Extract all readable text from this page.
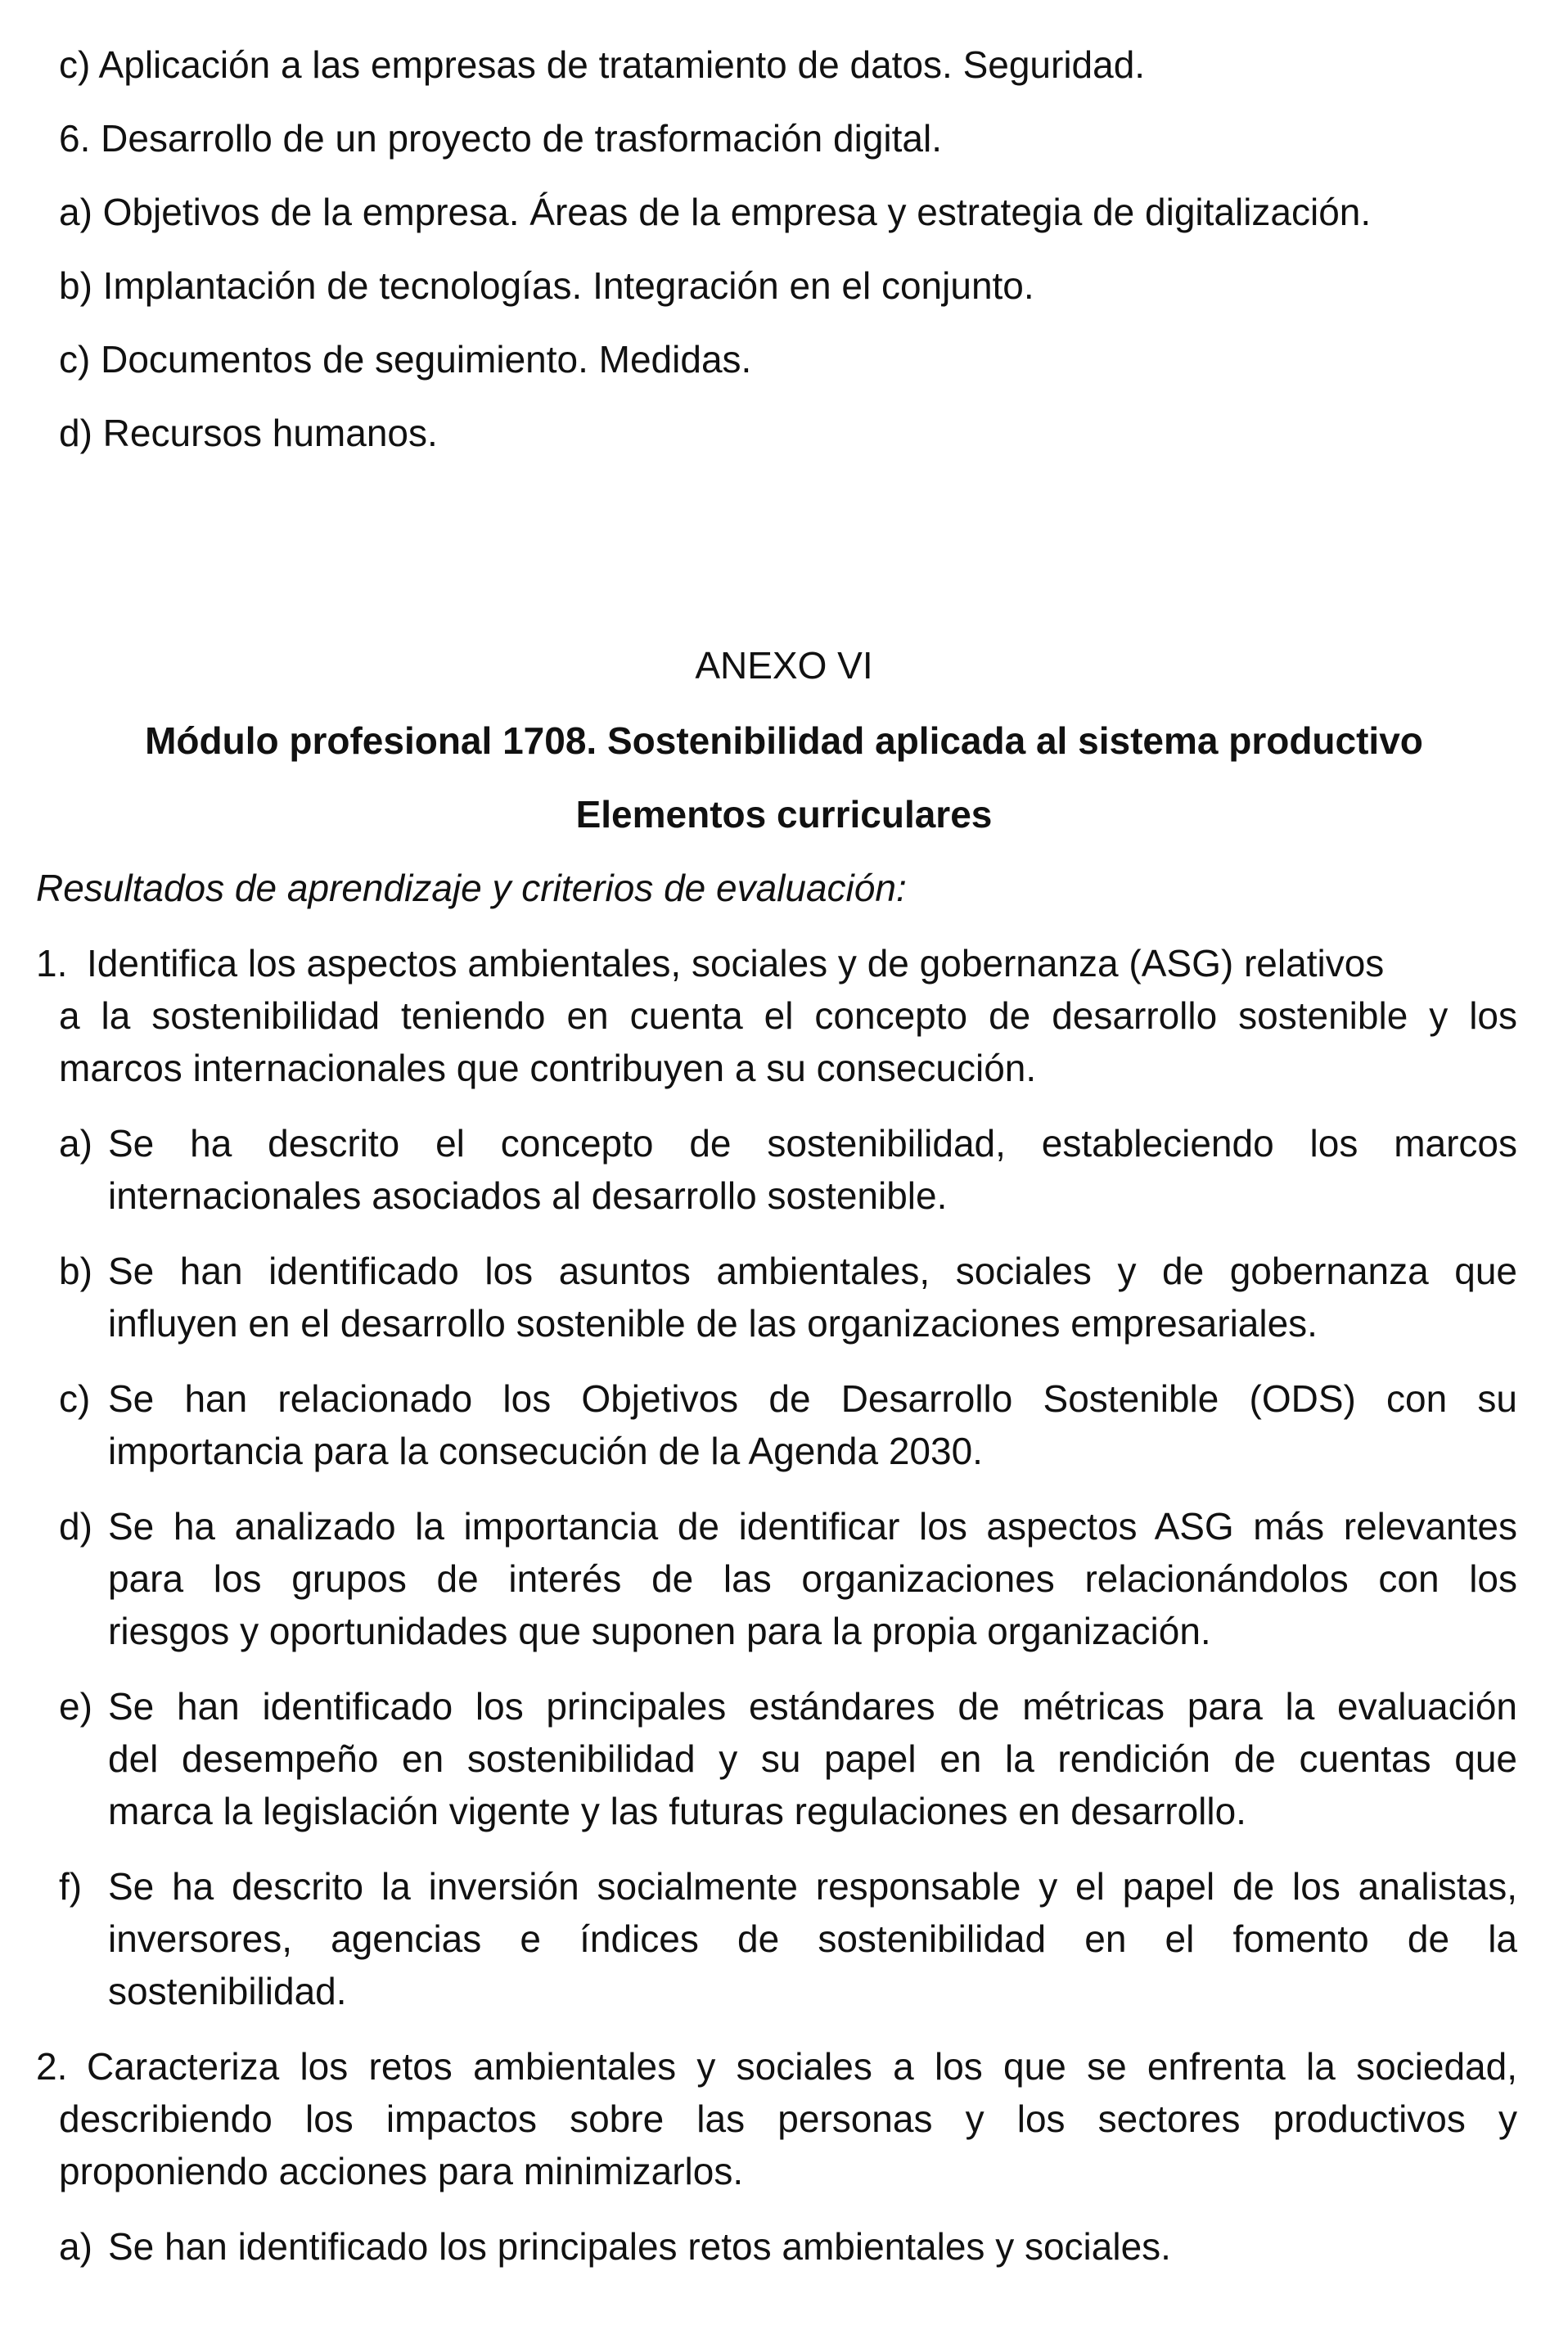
c) Aplicación a las empresas de tratamiento de datos. Seguridad.
6. Desarrollo de un proyecto de trasformación digital.
a) Objetivos de la empresa. Áreas de la empresa y estrategia de digitalización.
b) Implantación de tecnologías. Integración en el conjunto.
c) Documentos de seguimiento. Medidas.
d) Recursos humanos.
ANEXO VI
Módulo profesional 1708. Sostenibilidad aplicada al sistema productivo
Elementos curriculares
Resultados de aprendizaje y criterios de evaluación:
1. Identifica los aspectos ambientales, sociales y de gobernanza (ASG) relativos
a la sostenibilidad teniendo en cuenta el concepto de desarrollo sostenible y los
marcos internacionales que contribuyen a su consecución.
a) Se ha descrito el concepto de sostenibilidad, estableciendo los marcos
internacionales asociados al desarrollo sostenible.
b) Se han identificado los asuntos ambientales, sociales y de gobernanza que
influyen en el desarrollo sostenible de las organizaciones empresariales.
c) Se han relacionado los Objetivos de Desarrollo Sostenible (ODS) con su
importancia para la consecución de la Agenda 2030.
d) Se ha analizado la importancia de identificar los aspectos ASG más relevantes
para los grupos de interés de las organizaciones relacionándolos con los
riesgos y oportunidades que suponen para la propia organización.
e) Se han identificado los principales estándares de métricas para la evaluación
del desempeño en sostenibilidad y su papel en la rendición de cuentas que
marca la legislación vigente y las futuras regulaciones en desarrollo.
f) Se ha descrito la inversión socialmente responsable y el papel de los analistas,
inversores, agencias e índices de sostenibilidad en el fomento de la
sostenibilidad.
2. Caracteriza los retos ambientales y sociales a los que se enfrenta la sociedad,
describiendo los impactos sobre las personas y los sectores productivos y
proponiendo acciones para minimizarlos.
a) Se han identificado los principales retos ambientales y sociales.
